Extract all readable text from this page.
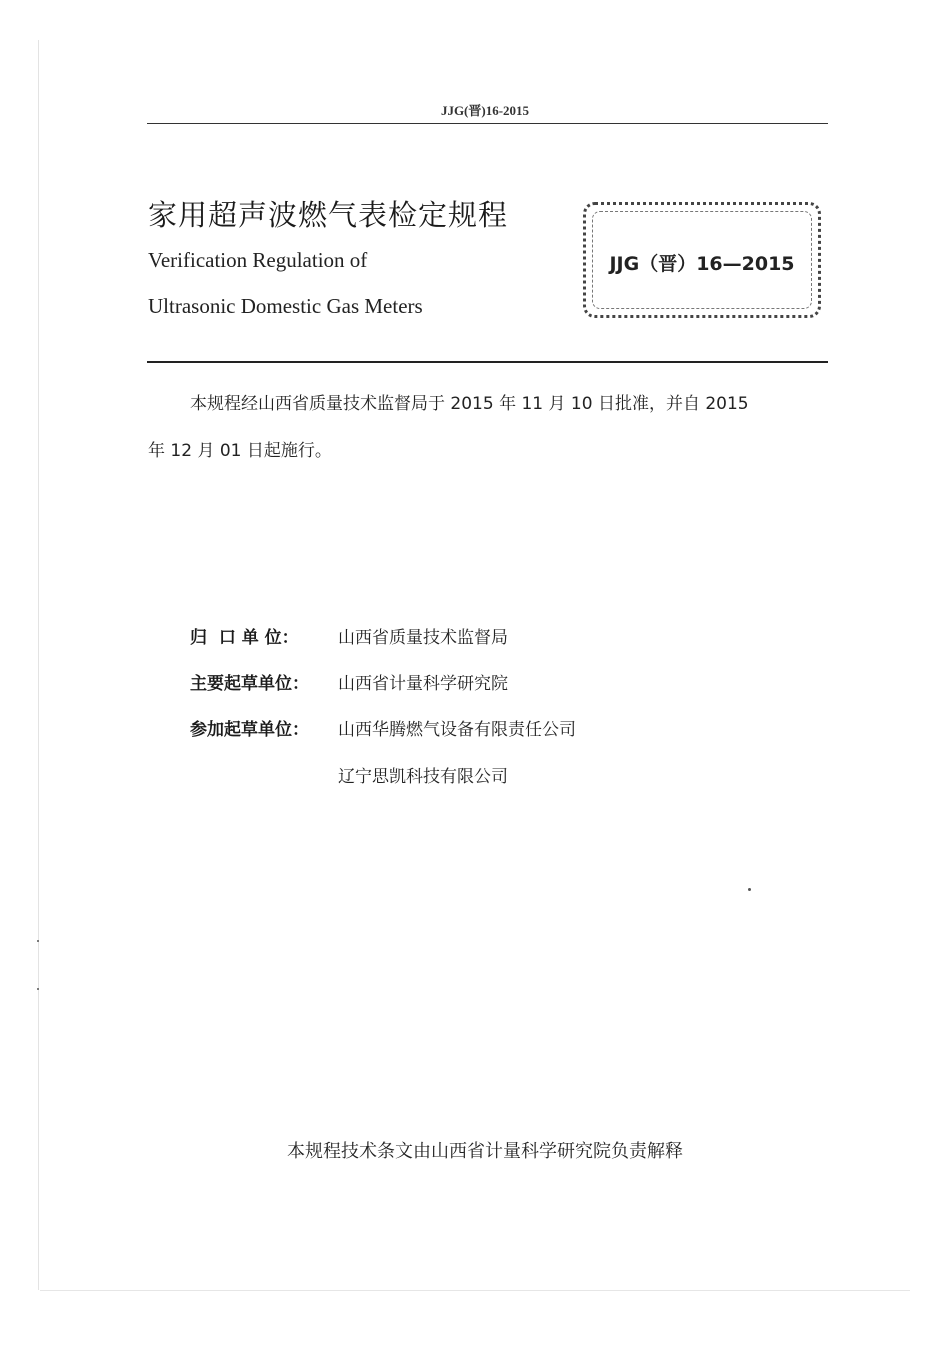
JJG(晋)16-2015
家用超声波燃气表检定规程
Verification Regulation of
Ultrasonic Domestic Gas Meters
JJG（晋）16—2015
本规程经山西省质量技术监督局于 2015 年 11 月 10 日批准，并自 2015
年 12 月 01 日起施行。
归  口 单 位： 山西省质量技术监督局
主要起草单位： 山西省计量科学研究院
参加起草单位： 山西华腾燃气设备有限责任公司
辽宁思凯科技有限公司
本规程技术条文由山西省计量科学研究院负责解释
